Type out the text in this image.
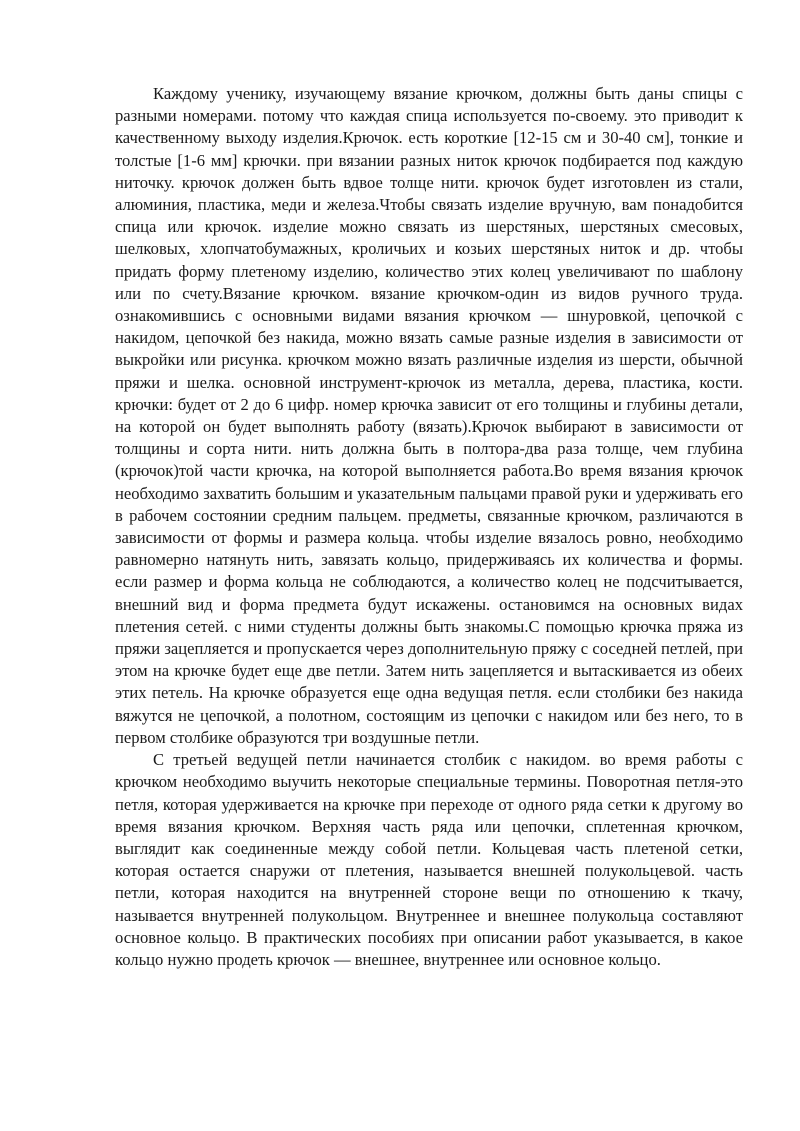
Каждому ученику, изучающему вязание крючком, должны быть даны спицы с разными номерами. потому что каждая спица используется по-своему. это приводит к качественному выходу изделия.Крючок. есть короткие [12-15 см и 30-40 см], тонкие и толстые [1-6 мм] крючки. при вязании разных ниток крючок подбирается под каждую ниточку. крючок должен быть вдвое толще нити. крючок будет изготовлен из стали, алюминия, пластика, меди и железа.Чтобы связать изделие вручную, вам понадобится спица или крючок. изделие можно связать из шерстяных, шерстяных смесовых, шелковых, хлопчатобумажных, кроличьих и козьих шерстяных ниток и др. чтобы придать форму плетеному изделию, количество этих колец увеличивают по шаблону или по счету.Вязание крючком. вязание крючком-один из видов ручного труда. ознакомившись с основными видами вязания крючком — шнуровкой, цепочкой с накидом, цепочкой без накида, можно вязать самые разные изделия в зависимости от выкройки или рисунка. крючком можно вязать различные изделия из шерсти, обычной пряжи и шелка. основной инструмент-крючок из металла, дерева, пластика, кости. крючки: будет от 2 до 6 цифр. номер крючка зависит от его толщины и глубины детали, на которой он будет выполнять работу (вязать).Крючок выбирают в зависимости от толщины и сорта нити. нить должна быть в полтора-два раза толще, чем глубина (крючок)той части крючка, на которой выполняется работа.Во время вязания крючок необходимо захватить большим и указательным пальцами правой руки и удерживать его в рабочем состоянии средним пальцем. предметы, связанные крючком, различаются в зависимости от формы и размера кольца. чтобы изделие вязалось ровно, необходимо равномерно натянуть нить, завязать кольцо, придерживаясь их количества и формы. если размер и форма кольца не соблюдаются, а количество колец не подсчитывается, внешний вид и форма предмета будут искажены. остановимся на основных видах плетения сетей. с ними студенты должны быть знакомы.С помощью крючка пряжа из пряжи зацепляется и пропускается через дополнительную пряжу с соседней петлей, при этом на крючке будет еще две петли. Затем нить зацепляется и вытаскивается из обеих этих петель. На крючке образуется еще одна ведущая петля. если столбики без накида вяжутся не цепочкой, а полотном, состоящим из цепочки с накидом или без него, то в первом столбике образуются три воздушные петли.

С третьей ведущей петли начинается столбик с накидом. во время работы с крючком необходимо выучить некоторые специальные термины. Поворотная петля-это петля, которая удерживается на крючке при переходе от одного ряда сетки к другому во время вязания крючком. Верхняя часть ряда или цепочки, сплетенная крючком, выглядит как соединенные между собой петли. Кольцевая часть плетеной сетки, которая остается снаружи от плетения, называется внешней полукольцевой. часть петли, которая находится на внутренней стороне вещи по отношению к ткачу, называется внутренней полукольцом. Внутреннее и внешнее полукольца составляют основное кольцо. В практических пособиях при описании работ указывается, в какое кольцо нужно продеть крючок — внешнее, внутреннее или основное кольцо.
